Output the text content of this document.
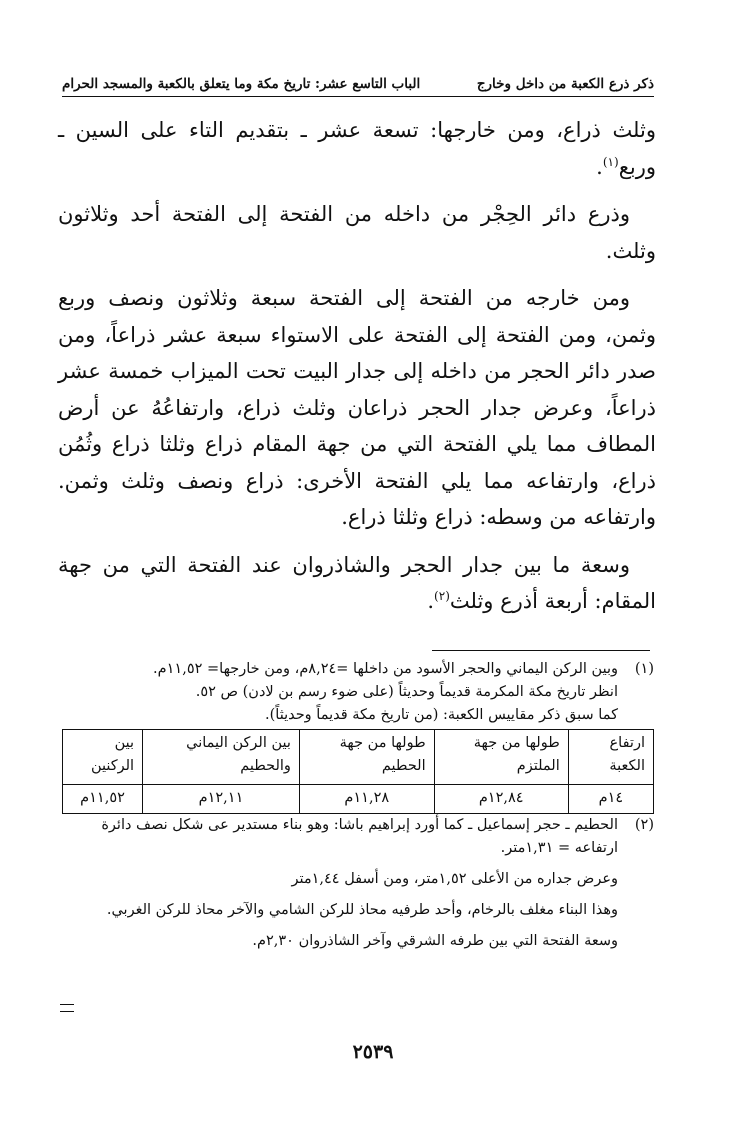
ذكر ذرع الكعبة من داخل وخارج
الباب التاسع عشر: تاريخ مكة وما يتعلق بالكعبة والمسجد الحرام

وثلث ذراع، ومن خارجها: تسعة عشر ـ بتقديم التاء على السين ـ وربع$^{(١)}$.

وذرع دائر الحِجْر من داخله من الفتحة إلى الفتحة أحد وثلاثون وثلث.

ومن خارجه من الفتحة إلى الفتحة سبعة وثلاثون ونصف وربع وثمن، ومن الفتحة إلى الفتحة على الاستواء سبعة عشر ذراعاً، ومن صدر دائر الحجر من داخله إلى جدار البيت تحت الميزاب خمسة عشر ذراعاً، وعرض جدار الحجر ذراعان وثلث ذراع، وارتفاعُهُ عن أرض المطاف مما يلي الفتحة التي من جهة المقام ذراع وثلثا ذراع وثُمُن ذراع، وارتفاعه مما يلي الفتحة الأخرى: ذراع ونصف وثلث وثمن. وارتفاعه من وسطه: ذراع وثلثا ذراع.

وسعة ما بين جدار الحجر والشاذروان عند الفتحة التي من جهة المقام: أربعة أذرع وثلث$^{(٢)}$.

(١)
وبين الركن اليماني والحجر الأسود من داخلها =٨,٢٤م، ومن خارجها= ١١,٥٢م.
انظر تاريخ مكة المكرمة قديماً وحديثاً (على ضوء رسم بن لادن) ص ٥٢.
كما سبق ذكر مقاييس الكعبة: (من تاريخ مكة قديماً وحديثاً).
ارتفاع الكعبة	طولها من جهة الملتزم	طولها من جهة الحطيم	بين الركن اليماني والحطيم	بين الركنين
١٤م	١٢,٨٤م	١١,٢٨م	١٢,١١م	١١,٥٢م
(٢)
الحطيم ـ حجر إسماعيل ـ كما أورد إبراهيم باشا: وهو بناء مستدير عى شكل نصف دائرة ارتفاعه = ١,٣١متر.
وعرض جداره من الأعلى ١,٥٢متر، ومن أسفل ١,٤٤متر
وهذا البناء مغلف بالرخام، وأحد طرفيه محاذ للركن الشامي والآخر محاذ للركن الغربي.
وسعة الفتحة التي بين طرفه الشرقي وآخر الشاذروان ٢,٣٠م.
٢٥٣٩
